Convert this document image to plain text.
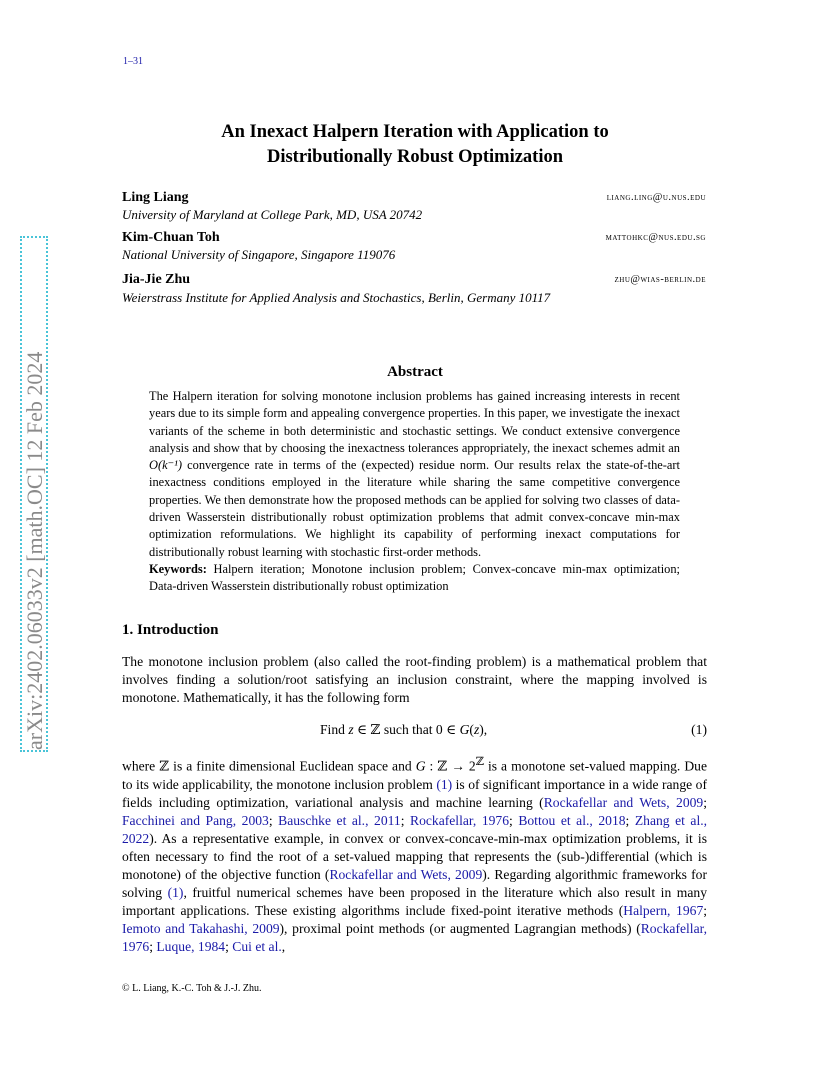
arXiv:2402.06033v2 [math.OC] 12 Feb 2024
1–31
An Inexact Halpern Iteration with Application to
Distributionally Robust Optimization
Ling Liang	liang.ling@u.nus.edu
University of Maryland at College Park, MD, USA 20742
Kim-Chuan Toh	mattohkc@nus.edu.sg
National University of Singapore, Singapore 119076
Jia-Jie Zhu	zhu@wias-berlin.de
Weierstrass Institute for Applied Analysis and Stochastics, Berlin, Germany 10117
Abstract

The Halpern iteration for solving monotone inclusion problems has gained increasing interests in recent years due to its simple form and appealing convergence properties. In this paper, we investigate the inexact variants of the scheme in both deterministic and stochastic settings. We conduct extensive convergence analysis and show that by choosing the inexactness tolerances appropriately, the inexact schemes admit an O(k⁻¹) convergence rate in terms of the (expected) residue norm. Our results relax the state-of-the-art inexactness conditions employed in the literature while sharing the same competitive convergence properties. We then demonstrate how the proposed methods can be applied for solving two classes of data-driven Wasserstein distributionally robust optimization problems that admit convex-concave min-max optimization reformulations. We highlight its capability of performing inexact computations for distributionally robust learning with stochastic first-order methods.

Keywords: Halpern iteration; Monotone inclusion problem; Convex-concave min-max optimization; Data-driven Wasserstein distributionally robust optimization

1. Introduction

The monotone inclusion problem (also called the root-finding problem) is a mathematical problem that involves finding a solution/root satisfying an inclusion constraint, where the mapping involved is monotone. Mathematically, it has the following form

Find z ∈ ℤ such that 0 ∈ G(z),	(1)

where ℤ is a finite dimensional Euclidean space and G : ℤ → $2^ℤ$ is a monotone set-valued mapping. Due to its wide applicability, the monotone inclusion problem (1) is of significant importance in a wide range of fields including optimization, variational analysis and machine learning (Rockafellar and Wets, 2009; Facchinei and Pang, 2003; Bauschke et al., 2011; Rockafellar, 1976; Bottou et al., 2018; Zhang et al., 2022). As a representative example, in convex or convex-concave-min-max optimization problems, it is often necessary to find the root of a set-valued mapping that represents the (sub-)differential (which is monotone) of the objective function (Rockafellar and Wets, 2009). Regarding algorithmic frameworks for solving (1), fruitful numerical schemes have been proposed in the literature which also result in many important applications. These existing algorithms include fixed-point iterative methods (Halpern, 1967; Iemoto and Takahashi, 2009), proximal point methods (or augmented Lagrangian methods) (Rockafellar, 1976; Luque, 1984; Cui et al.,

© L. Liang, K.-C. Toh & J.-J. Zhu.
